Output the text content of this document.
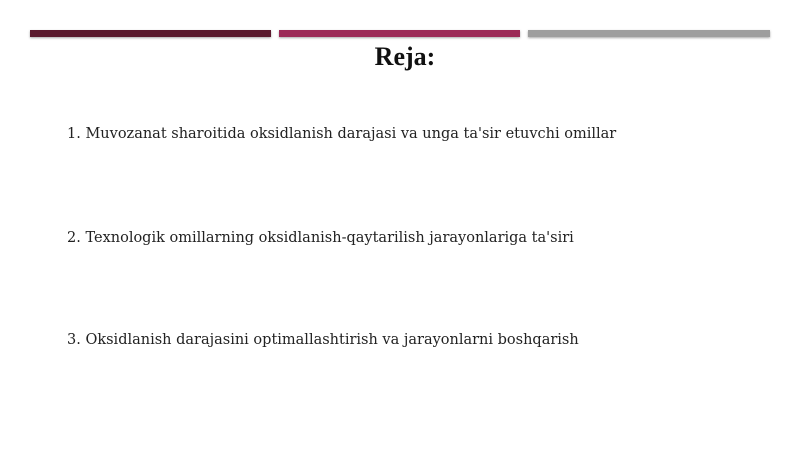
Reja:
1. Muvozanat sharoitida oksidlanish darajasi va unga ta'sir etuvchi omillar
2. Texnologik omillarning oksidlanish-qaytarilish jarayonlariga ta'siri
3. Oksidlanish darajasini optimallashtirish va jarayonlarni boshqarish
